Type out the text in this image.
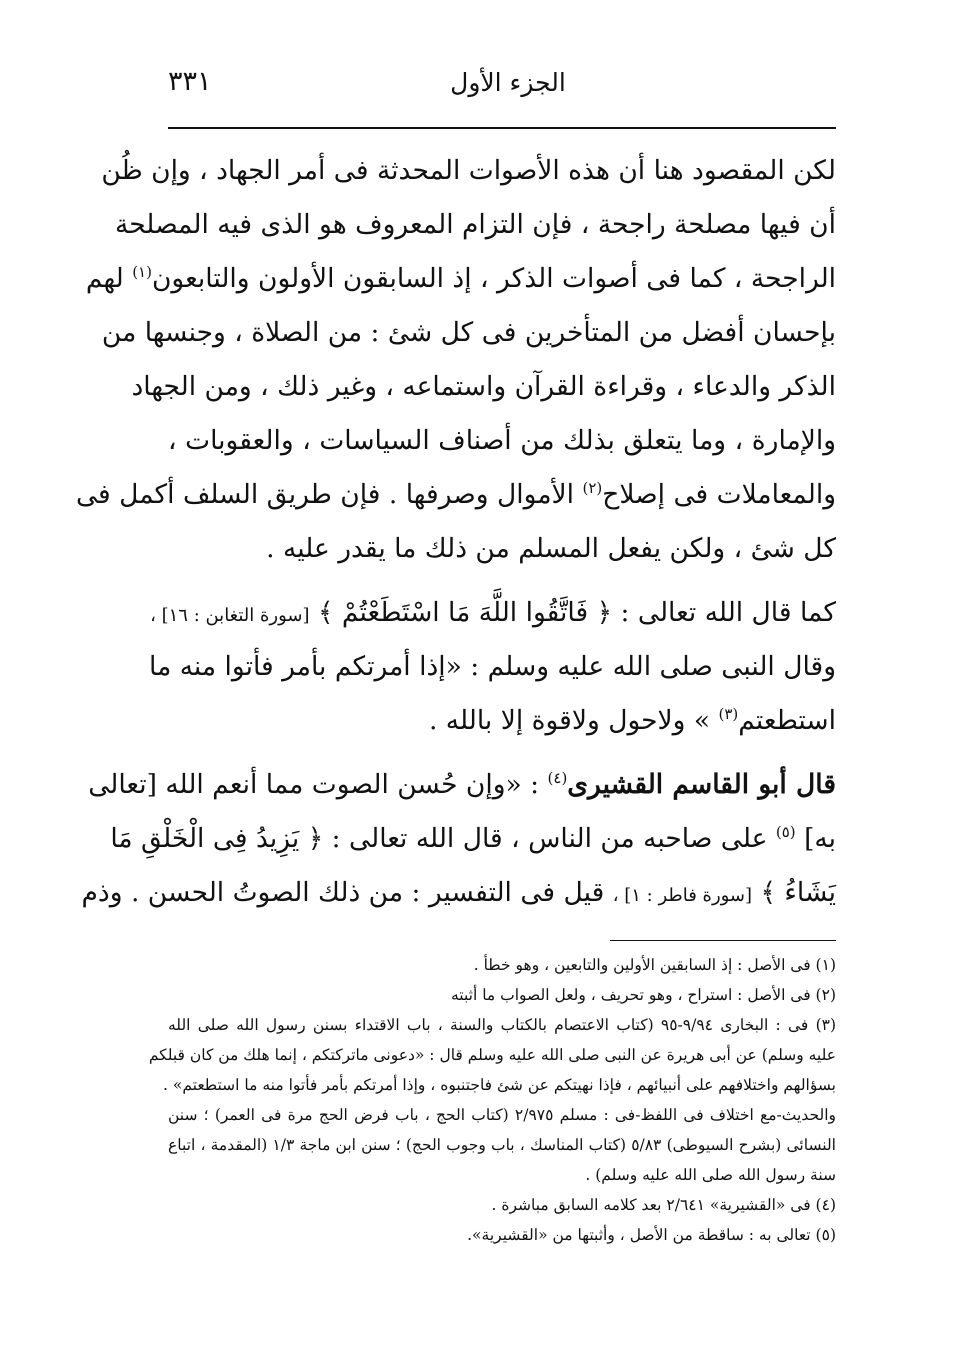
٣٣١	الجزء الأول
لكن المقصود هنا أن هذه الأصوات المحدثة فى أمر الجهاد ، وإن ظُن
أن فيها مصلحة راجحة ، فإن التزام المعروف هو الذى فيه المصلحة
الراجحة ، كما فى أصوات الذكر ، إذ السابقون الأولون والتابعون$^{(١)}$ لهم
بإحسان أفضل من المتأخرين فى كل شئ : من الصلاة ، وجنسها من
الذكر والدعاء ، وقراءة القرآن واستماعه ، وغير ذلك ، ومن الجهاد
والإمارة ، وما يتعلق بذلك من أصناف السياسات ، والعقوبات ،
والمعاملات فى إصلاح$^{(٢)}$ الأموال وصرفها . فإن طريق السلف أكمل فى
كل شئ ، ولكن يفعل المسلم من ذلك ما يقدر عليه .
كما قال الله تعالى : ﴿ فَاتَّقُوا اللَّهَ مَا اسْتَطَعْتُمْ ﴾ [سورة التغابن : ١٦] ،
وقال النبى صلى الله عليه وسلم : «إذا أمرتكم بأمر فأتوا منه ما
استطعتم$^{(٣)}$ » ولاحول ولاقوة إلا بالله .
قال أبو القاسم القشيرى$^{(٤)}$ : «وإن حُسن الصوت مما أنعم الله [تعالى
به] $^{(٥)}$ على صاحبه من الناس ، قال الله تعالى : ﴿ يَزِيدُ فِى الْخَلْقِ مَا
يَشَاءُ ﴾ [سورة فاطر : ١] ، قيل فى التفسير : من ذلك الصوتُ الحسن . وذم
(١) فى الأصل : إذ السابقين الأولين والتابعين ، وهو خطأ .
(٢) فى الأصل : استراح ، وهو تحريف ، ولعل الصواب ما أثبته
(٣) فى : البخارى ٩/٩٤-٩٥ (كتاب الاعتصام بالكتاب والسنة ، باب الاقتداء بسنن رسول الله صلى الله
عليه وسلم) عن أبى هريرة عن النبى صلى الله عليه وسلم قال : «دعونى ماتركتكم ، إنما هلك من كان قبلكم
بسؤالهم واختلافهم على أنبيائهم ، فإذا نهيتكم عن شئ فاجتنبوه ، وإذا أمرتكم بأمر فأتوا منه ما استطعتم» .
والحديث-مع اختلاف فى اللفظ-فى : مسلم ٢/٩٧٥ (كتاب الحج ، باب فرض الحج مرة فى العمر) ؛ سنن
النسائى (بشرح السيوطى) ٥/٨٣ (كتاب المناسك ، باب وجوب الحج) ؛ سنن ابن ماجة ١/٣ (المقدمة ، اتباع
سنة رسول الله صلى الله عليه وسلم) .
(٤) فى «القشيرية» ٢/٦٤١ بعد كلامه السابق مباشرة .
(٥) تعالى به : ساقطة من الأصل ، وأثبتها من «القشيرية».
